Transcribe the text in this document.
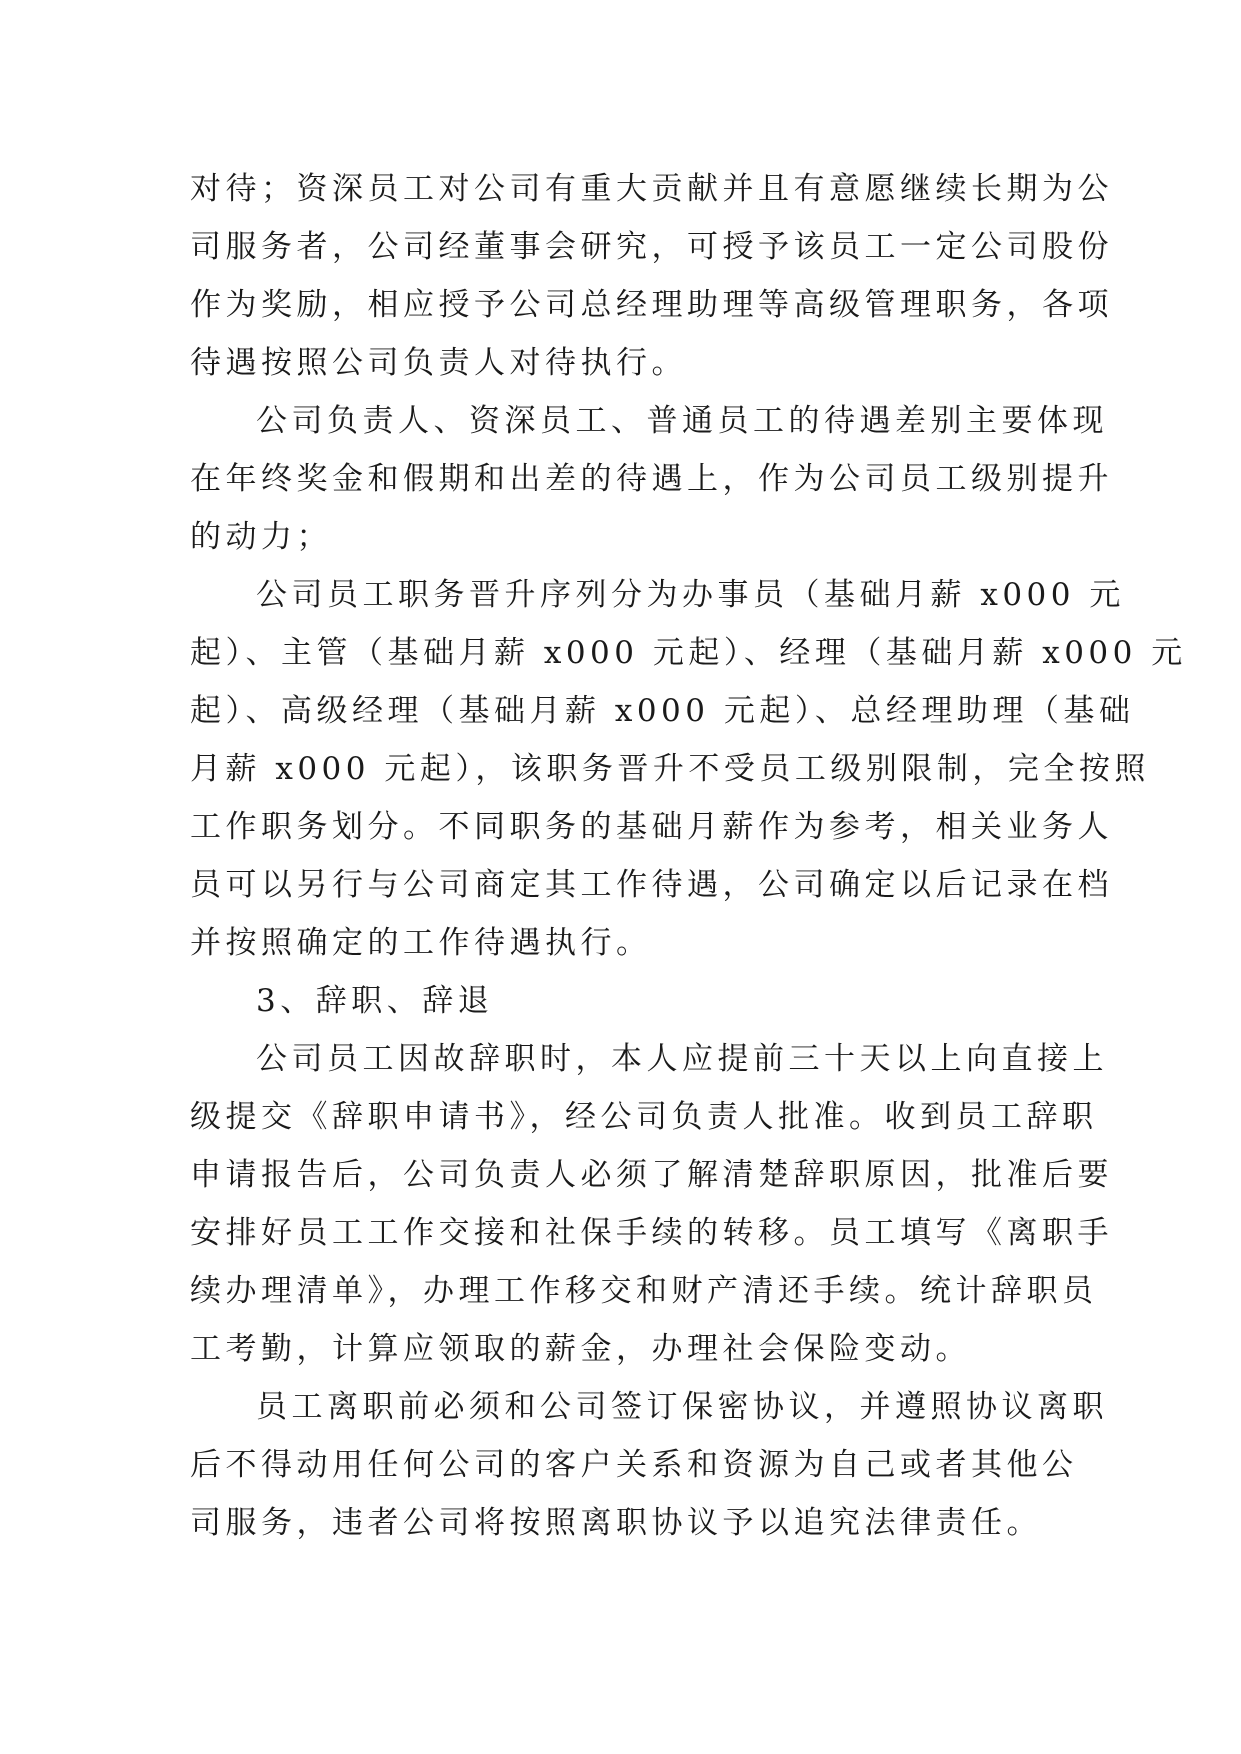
对待；资深员工对公司有重大贡献并且有意愿继续长期为公
司服务者，公司经董事会研究，可授予该员工一定公司股份
作为奖励，相应授予公司总经理助理等高级管理职务，各项
待遇按照公司负责人对待执行。
公司负责人、资深员工、普通员工的待遇差别主要体现
在年终奖金和假期和出差的待遇上，作为公司员工级别提升
的动力；
公司员工职务晋升序列分为办事员（基础月薪 x000 元
起）、主管（基础月薪 x000 元起）、经理（基础月薪 x000 元
起）、高级经理（基础月薪 x000 元起）、总经理助理（基础
月薪 x000 元起），该职务晋升不受员工级别限制，完全按照
工作职务划分。不同职务的基础月薪作为参考，相关业务人
员可以另行与公司商定其工作待遇，公司确定以后记录在档
并按照确定的工作待遇执行。
3、辞职、辞退
公司员工因故辞职时，本人应提前三十天以上向直接上
级提交《辞职申请书》，经公司负责人批准。收到员工辞职
申请报告后，公司负责人必须了解清楚辞职原因，批准后要
安排好员工工作交接和社保手续的转移。员工填写《离职手
续办理清单》，办理工作移交和财产清还手续。统计辞职员
工考勤，计算应领取的薪金，办理社会保险变动。
员工离职前必须和公司签订保密协议，并遵照协议离职
后不得动用任何公司的客户关系和资源为自己或者其他公
司服务，违者公司将按照离职协议予以追究法律责任。
